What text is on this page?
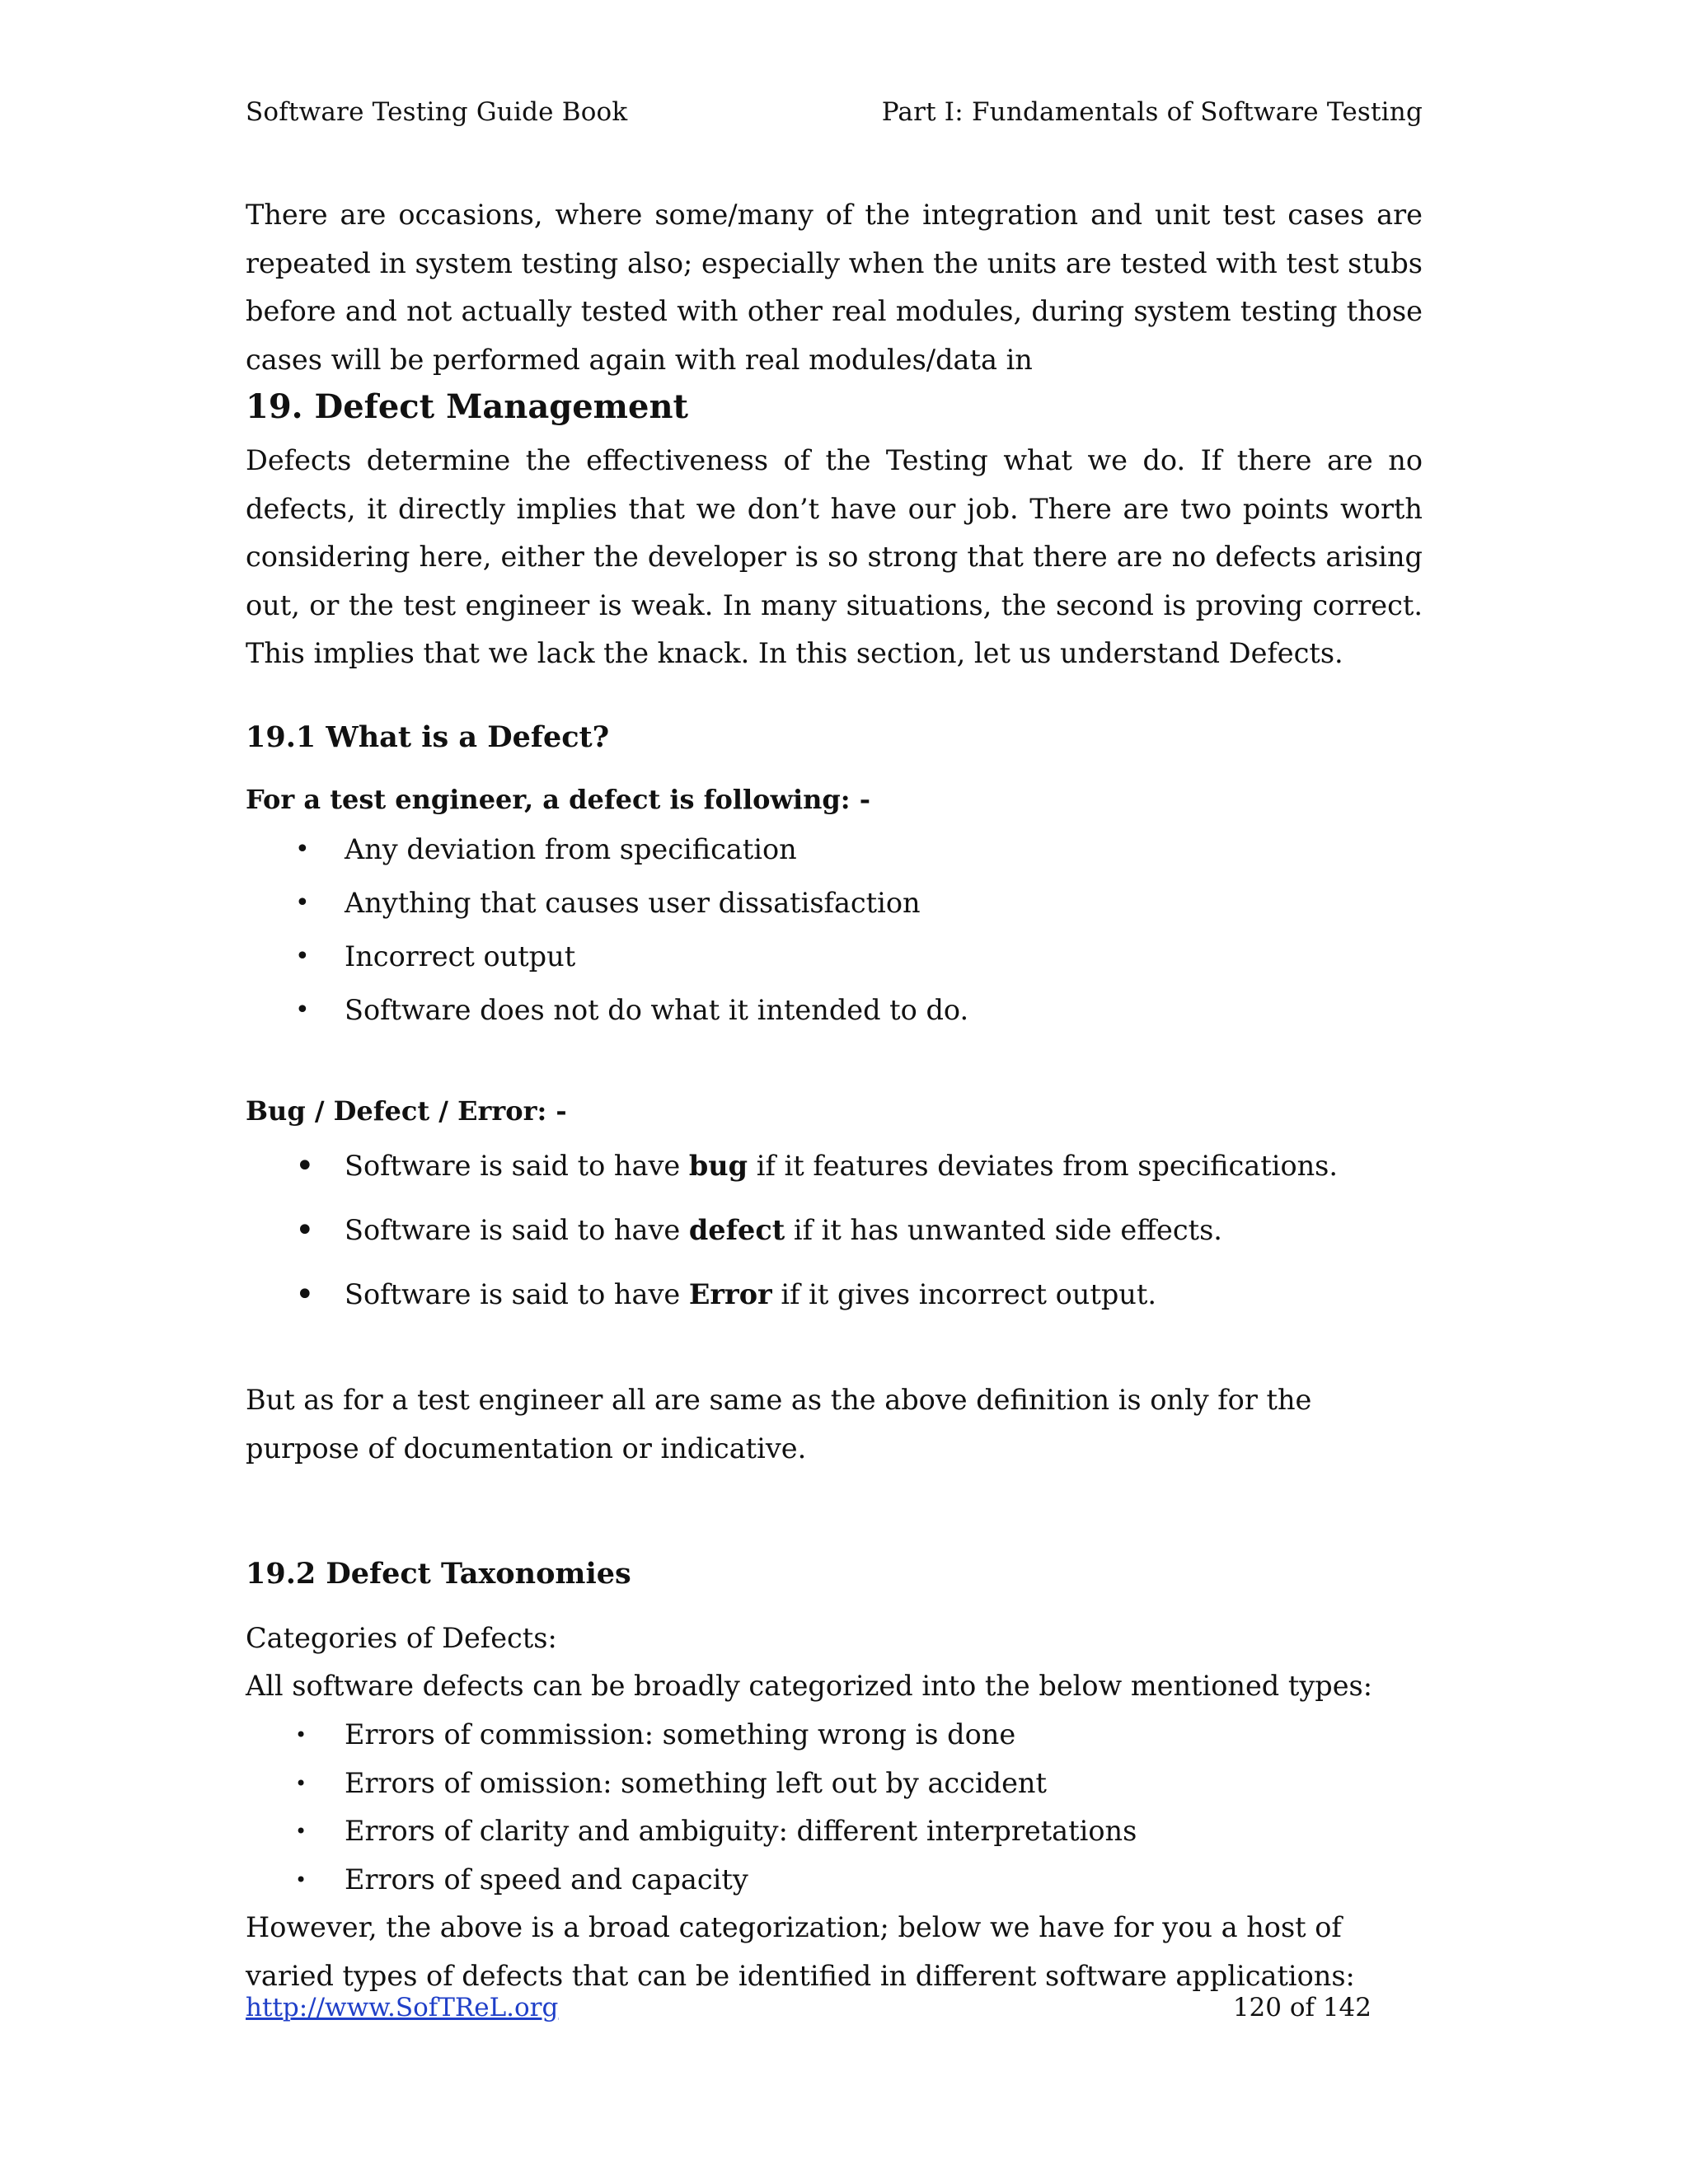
Software Testing Guide Book	Part I: Fundamentals of Software Testing
There are occasions, where some/many of the integration and unit test cases are repeated in system testing also; especially when the units are tested with test stubs before and not actually tested with other real modules, during system testing those cases will be performed again with real modules/data in
19. Defect Management
Defects determine the effectiveness of the Testing what we do. If there are no defects, it directly implies that we don’t have our job. There are two points worth considering here, either the developer is so strong that there are no defects arising out, or the test engineer is weak. In many situations, the second is proving correct. This implies that we lack the knack. In this section, let us understand Defects.
19.1 What is a Defect?
For a test engineer, a defect is following: -
• Any deviation from specification
• Anything that causes user dissatisfaction
• Incorrect output
• Software does not do what it intended to do.
Bug / Defect / Error: -
• Software is said to have bug if it features deviates from specifications.
• Software is said to have defect if it has unwanted side effects.
• Software is said to have Error if it gives incorrect output.
But as for a test engineer all are same as the above definition is only for the purpose of documentation or indicative.
19.2 Defect Taxonomies
Categories of Defects:
All software defects can be broadly categorized into the below mentioned types:
• Errors of commission: something wrong is done
• Errors of omission: something left out by accident
• Errors of clarity and ambiguity: different interpretations
• Errors of speed and capacity
However, the above is a broad categorization; below we have for you a host of varied types of defects that can be identified in different software applications:
http://www.SofTReL.org	120 of 142
